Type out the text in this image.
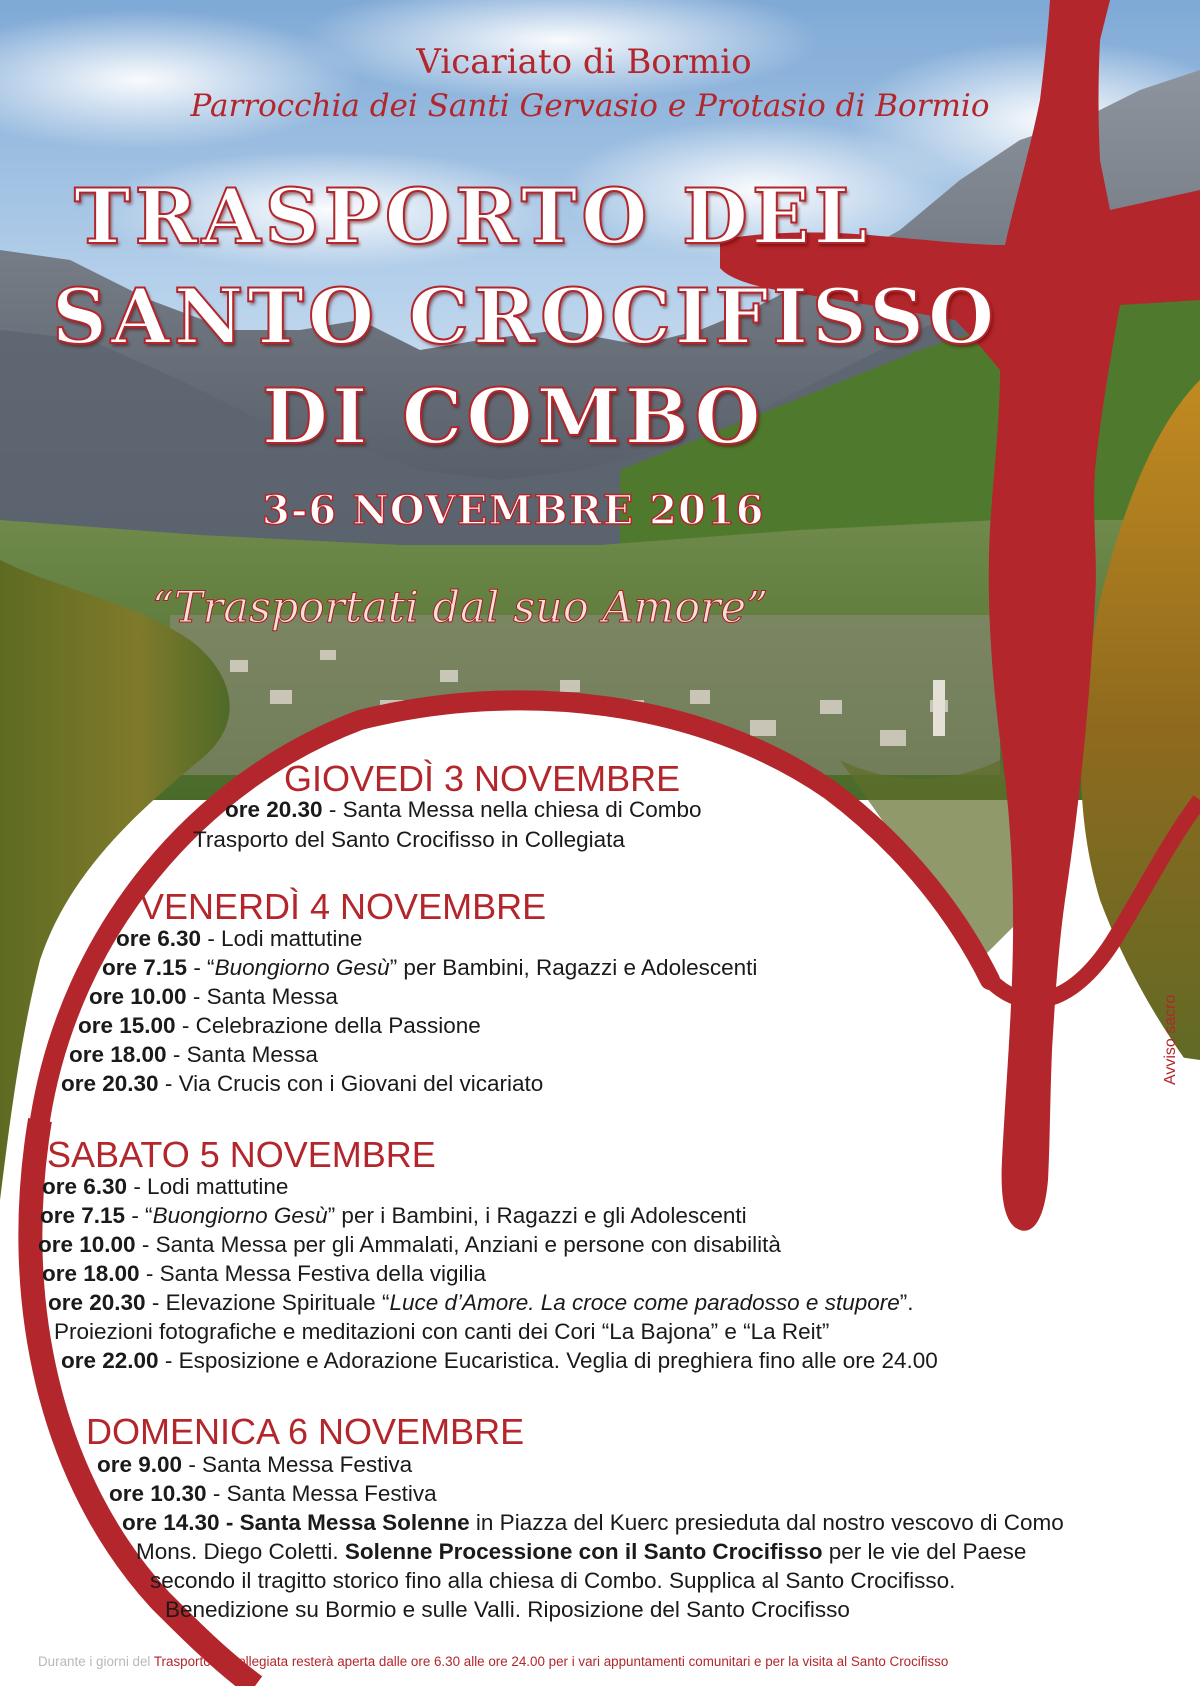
Vicariato di Bormio
Parrocchia dei Santi Gervasio e Protasio di Bormio
TRASPORTO DEL
SANTO CROCIFISSO
DI COMBO
3-6 NOVEMBRE 2016
“Trasportati dal suo Amore”
GIOVEDÌ 3 NOVEMBRE
ore 20.30 - Santa Messa nella chiesa di Combo
Trasporto del Santo Crocifisso in Collegiata
VENERDÌ 4 NOVEMBRE
ore 6.30 - Lodi mattutine
ore 7.15 - “Buongiorno Gesù” per Bambini, Ragazzi e Adolescenti
ore 10.00 - Santa Messa
ore 15.00 - Celebrazione della Passione
ore 18.00 - Santa Messa
ore 20.30 - Via Crucis con i Giovani del vicariato
SABATO 5 NOVEMBRE
ore 6.30 - Lodi mattutine
ore 7.15 - “Buongiorno Gesù” per i Bambini, i Ragazzi e gli Adolescenti
ore 10.00 - Santa Messa per gli Ammalati, Anziani e persone con disabilità
ore 18.00 - Santa Messa Festiva della vigilia
ore 20.30 - Elevazione Spirituale “Luce d’Amore. La croce come paradosso e stupore”.
Proiezioni fotografiche e meditazioni con canti dei Cori “La Bajona” e “La Reit”
ore 22.00 - Esposizione e Adorazione Eucaristica. Veglia di preghiera fino alle ore 24.00
DOMENICA 6 NOVEMBRE
ore 9.00 - Santa Messa Festiva
ore 10.30 - Santa Messa Festiva
ore 14.30 - Santa Messa Solenne in Piazza del Kuerc presieduta dal nostro vescovo di Como
Mons. Diego Coletti. Solenne Processione con il Santo Crocifisso per le vie del Paese
secondo il tragitto storico fino alla chiesa di Combo. Supplica al Santo Crocifisso.
Benedizione su Bormio e sulle Valli. Riposizione del Santo Crocifisso
Avviso sacro
Durante i giorni del Trasporto la Collegiata resterà aperta dalle ore 6.30 alle ore 24.00 per i vari appuntamenti comunitari e per la visita al Santo Crocifisso
